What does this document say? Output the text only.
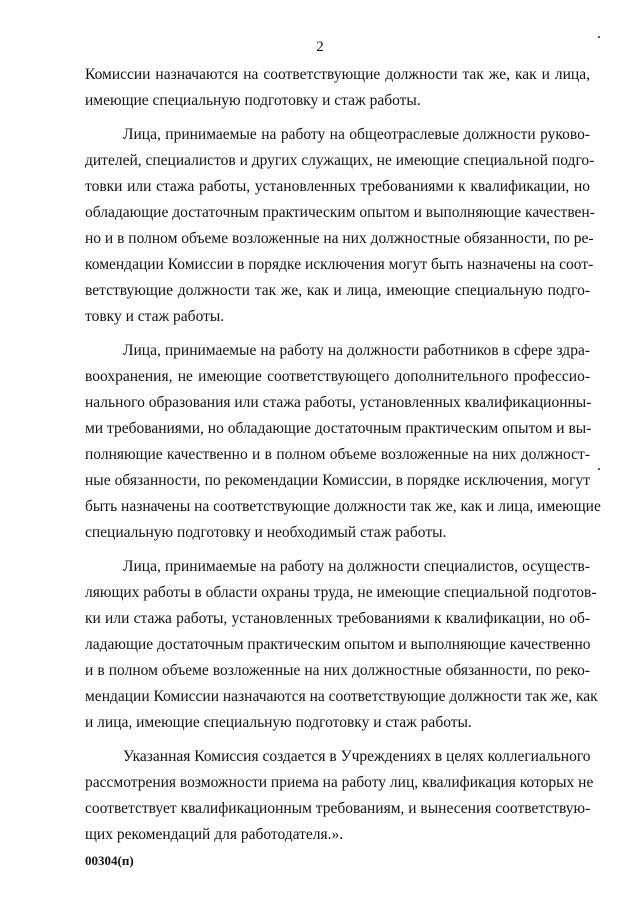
2
Комиссии назначаются на соответствующие должности так же, как и лица,
имеющие специальную подготовку и стаж работы.
Лица, принимаемые на работу на общеотраслевые должности руково-
дителей, специалистов и других служащих, не имеющие специальной подго-
товки или стажа работы, установленных требованиями к квалификации, но
обладающие достаточным практическим опытом и выполняющие качествен-
но и в полном объеме возложенные на них должностные обязанности, по ре-
комендации Комиссии в порядке исключения могут быть назначены на соот-
ветствующие должности так же, как и лица, имеющие специальную подго-
товку и стаж работы.
Лица, принимаемые на работу на должности работников в сфере здра-
воохранения, не имеющие соответствующего дополнительного профессио-
нального образования или стажа работы, установленных квалификационны-
ми требованиями, но обладающие достаточным практическим опытом и вы-
полняющие качественно и в полном объеме возложенные на них должност-
ные обязанности, по рекомендации Комиссии, в порядке исключения, могут
быть назначены на соответствующие должности так же, как и лица, имеющие
специальную подготовку и необходимый стаж работы.
Лица, принимаемые на работу на должности специалистов, осуществ-
ляющих работы в области охраны труда, не имеющие специальной подготов-
ки или стажа работы, установленных требованиями к квалификации, но об-
ладающие достаточным практическим опытом и выполняющие качественно
и в полном объеме возложенные на них должностные обязанности, по реко-
мендации Комиссии назначаются на соответствующие должности так же, как
и лица, имеющие специальную подготовку и стаж работы.
Указанная Комиссия создается в Учреждениях в целях коллегиального
рассмотрения возможности приема на работу лиц, квалификация которых не
соответствует квалификационным требованиям, и вынесения соответствую-
щих рекомендаций для работодателя.».
00304(п)
